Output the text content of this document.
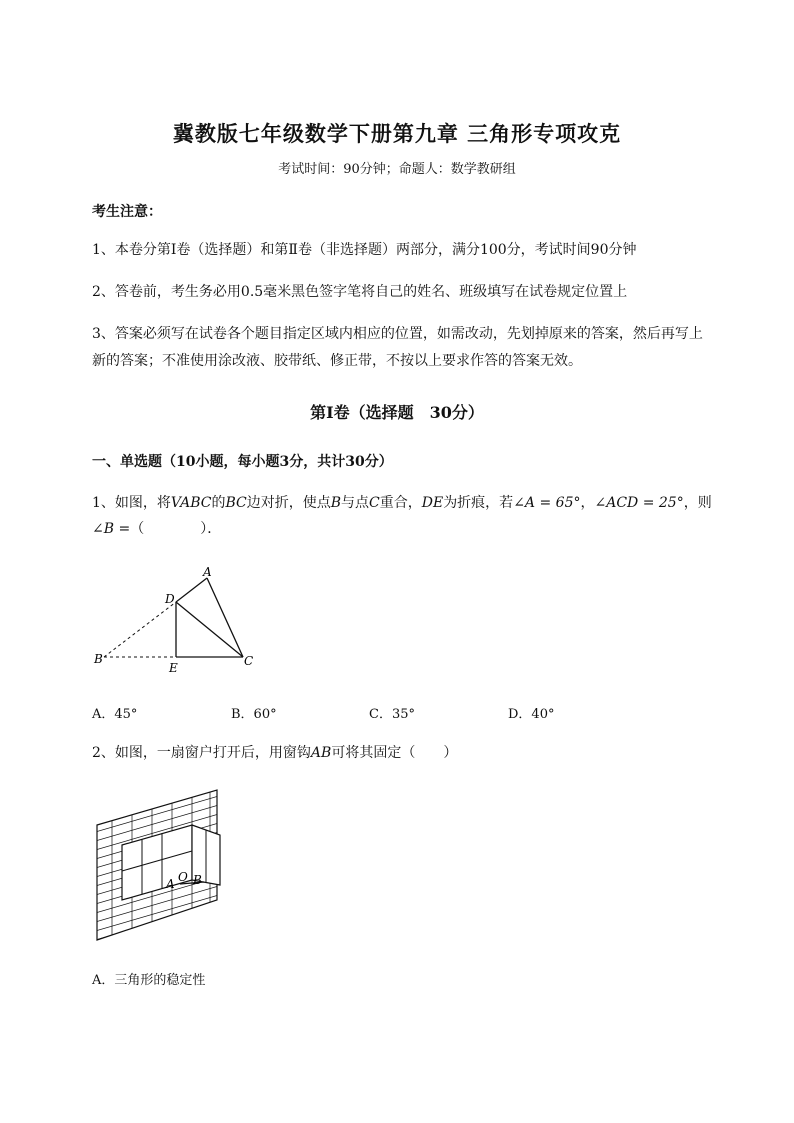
冀教版七年级数学下册第九章 三角形专项攻克
考试时间：90分钟；命题人：数学教研组
考生注意：
1、本卷分第I卷（选择题）和第Ⅱ卷（非选择题）两部分，满分100分，考试时间90分钟
2、答卷前，考生务必用0.5毫米黑色签字笔将自己的姓名、班级填写在试卷规定位置上
3、答案必须写在试卷各个题目指定区域内相应的位置，如需改动，先划掉原来的答案，然后再写上新的答案；不准使用涂改液、胶带纸、修正带，不按以上要求作答的答案无效。
第I卷（选择题　30分）
一、单选题（10小题，每小题3分，共计30分）
1、如图，将VABC的BC边对折，使点B与点C重合，DE为折痕，若∠A = 65°，∠ACD = 25°，则
∠B =（　　　　）．
A
D
B
E	C
A．45°	B．60°	C．35°	D．40°
2、如图，一扇窗户打开后，用窗钩AB可将其固定（　　）
A O B
A．三角形的稳定性
